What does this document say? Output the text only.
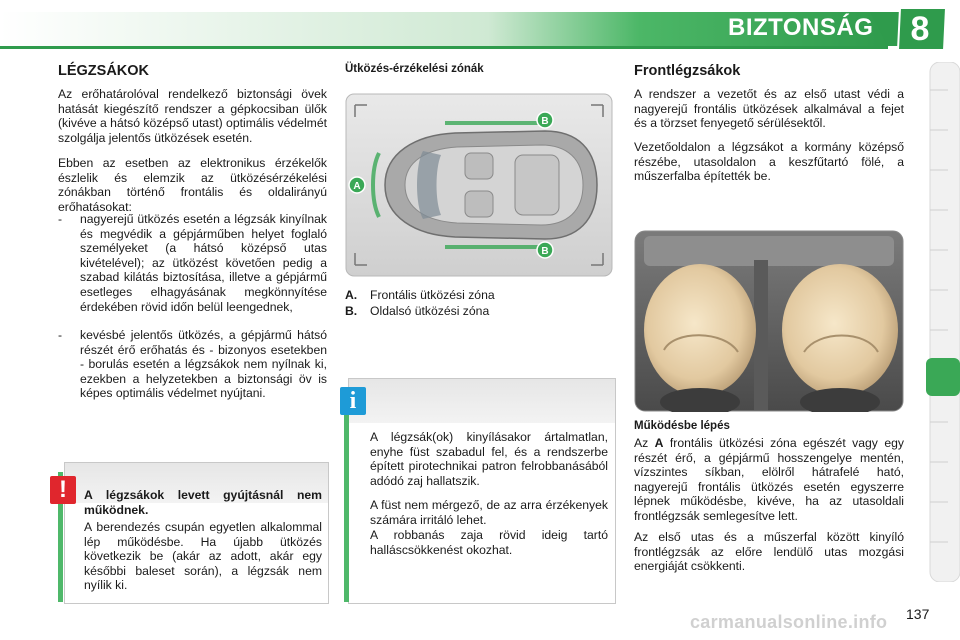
BIZTONSÁG	8
LÉGZSÁKOK
Az erőhatárolóval rendelkező biztonsági övek hatását kiegészítő rendszer a gépkocsiban ülők (kivéve a hátsó középső utast) optimális védelmét szolgálja jelentős ütközések esetén.
Ebben az esetben az elektronikus érzékelők észlelik és elemzik az ütközésérzékelési zónákban történő frontális és oldalirányú erőhatásokat:
- nagyerejű ütközés esetén a légzsák kinyílnak és megvédik a gépjárműben helyet foglaló személyeket (a hátsó középső utas kivételével); az ütközést követően pedig a szabad kilátás biztosítása, illetve a gépjármű esetleges elhagyásának megkönnyítése érdekében rövid időn belül leengednek,
- kevésbé jelentős ütközés, a gépjármű hátsó részét érő erőhatás és - bizonyos esetekben - borulás esetén a légzsákok nem nyílnak ki, ezekben a helyzetekben a biztonsági öv is képes optimális védelmet nyújtani.
!	A légzsákok levett gyújtásnál nem működnek.
A berendezés csupán egyetlen alkalommal lép működésbe. Ha újabb ütközés következik be (akár az adott, akár egy későbbi baleset során), a légzsák nem nyílik ki.
Ütközés-érzékelési zónák
B
A
B
A. Frontális ütközési zóna
B. Oldalsó ütközési zóna
i
A légzsák(ok) kinyílásakor ártalmatlan, enyhe füst szabadul fel, és a rendszerbe épített pirotechnikai patron felrobbanásából adódó zaj hallatszik.
A füst nem mérgező, de az arra érzékenyek számára irritáló lehet.
A robbanás zaja rövid ideig tartó halláscsökkenést okozhat.
Frontlégzsákok
A rendszer a vezetőt és az első utast védi a nagyerejű frontális ütközések alkalmával a fejet és a törzset fenyegető sérülésektől.
Vezetőoldalon a légzsákot a kormány középső részébe, utasoldalon a keszfűtartó fölé, a műszerfalba építették be.
Működésbe lépés
Az A frontális ütközési zóna egészét vagy egy részét érő, a gépjármű hosszengelye mentén, vízszintes síkban, elölről hátrafelé ható, nagyerejű frontális ütközés esetén egyszerre lépnek működésbe, kivéve, ha az utasoldali frontlégzsák semlegesítve lett.
Az első utas és a műszerfal között kinyíló frontlégzsák az előre lendülő utas mozgási energiáját csökkenti.
137
carmanualsonline.info
